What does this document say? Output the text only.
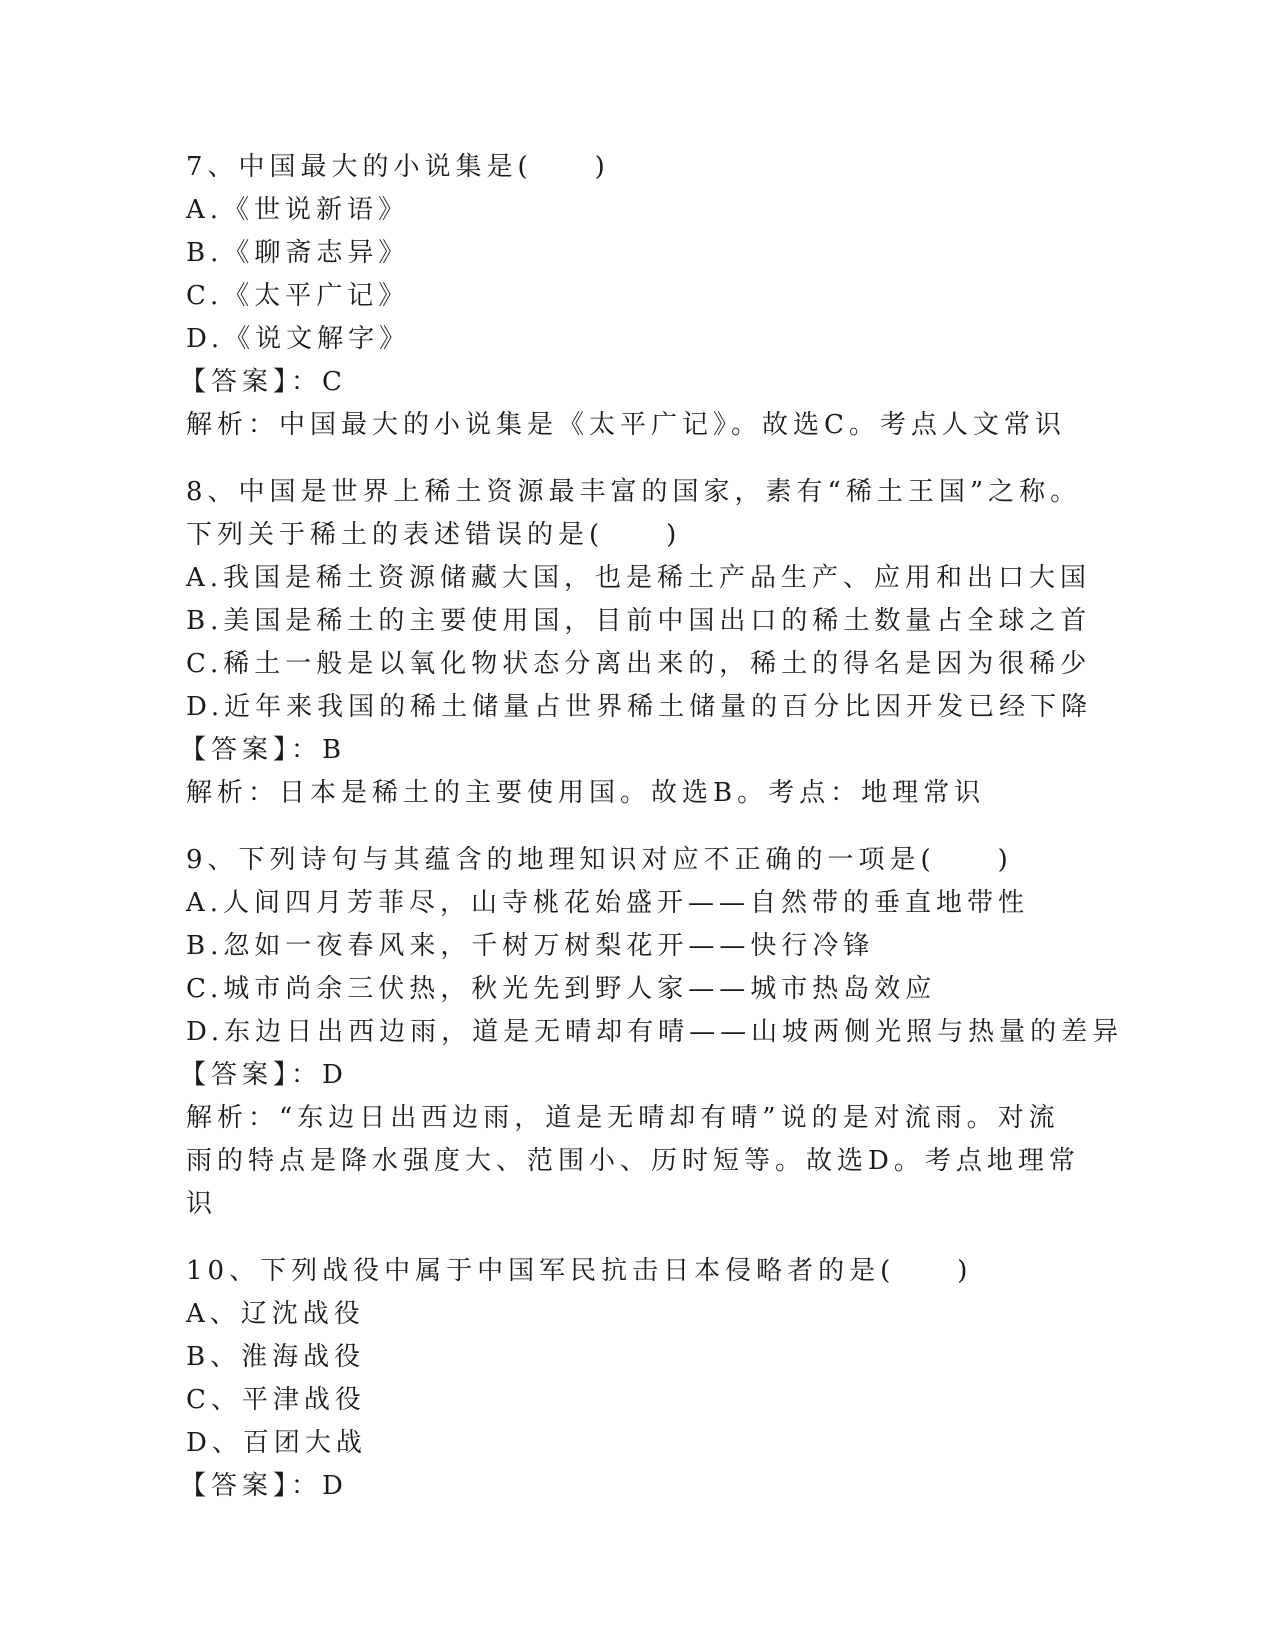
7、中国最大的小说集是(　　)
A.《世说新语》
B.《聊斋志异》
C.《太平广记》
D.《说文解字》
【答案】：C
解析：中国最大的小说集是《太平广记》。故选C。考点人文常识
8、中国是世界上稀土资源最丰富的国家，素有“稀土王国”之称。下列关于稀土的表述错误的是(　　)
A.我国是稀土资源储藏大国，也是稀土产品生产、应用和出口大国
B.美国是稀土的主要使用国，目前中国出口的稀土数量占全球之首
C.稀土一般是以氧化物状态分离出来的，稀土的得名是因为很稀少
D.近年来我国的稀土储量占世界稀土储量的百分比因开发已经下降
【答案】：B
解析：日本是稀土的主要使用国。故选B。考点：地理常识
9、下列诗句与其蕴含的地理知识对应不正确的一项是(　　)
A.人间四月芳菲尽，山寺桃花始盛开——自然带的垂直地带性
B.忽如一夜春风来，千树万树梨花开——快行冷锋
C.城市尚余三伏热，秋光先到野人家——城市热岛效应
D.东边日出西边雨，道是无晴却有晴——山坡两侧光照与热量的差异
【答案】：D
解析：“东边日出西边雨，道是无晴却有晴”说的是对流雨。对流雨的特点是降水强度大、范围小、历时短等。故选D。考点地理常识
10、下列战役中属于中国军民抗击日本侵略者的是(　　)
A、辽沈战役
B、淮海战役
C、平津战役
D、百团大战
【答案】：D
